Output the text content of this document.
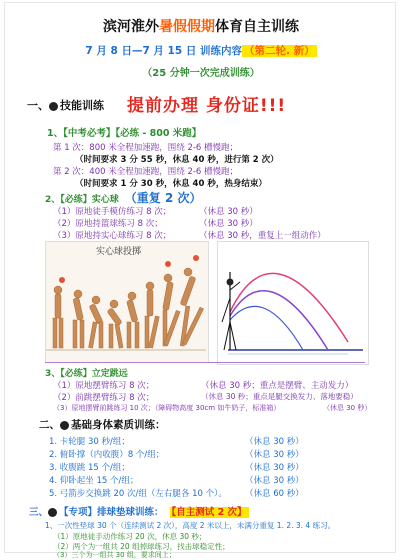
滨河淮外暑假假期体育自主训练
7 月 8 日—7 月 15 日 训练内容 （第二轮. 新）
（25 分钟一次完成训练）
一、 技能训练 提前办理 身份证!!!
1、【中考必考】【必练 - 800 米跑】
第 1 次：800 米全程加速跑，围绕 2-6 槽慢跑；
（时间要求 3 分 55 秒，休息 40 秒，进行第 2 次）
第 2 次：400 米全程加速跑，围绕 2-6 槽慢跑；
（时间要求 1 分 30 秒，休息 40 秒，热身结束）
2、【必练】实心球 （重复 2 次）
（1）原地徒手模仿练习 8 次；	（休息 30 秒）
（2）原地持篮球练习 8 次；	（休息 30 秒）
（3）原地持实心球练习 8 次；	（休息 30 秒，重复上一组动作）
实心球投掷
3、【必练】立定跳远
（1）原地摆臂练习 8 次；	（休息 30 秒；重点是摆臂、主动发力）
（2）前跳摆臂练习 8 次；	（休息 30 秒；重点是腿交换发力、落地要稳）
（3）原地摆臂前跳练习 10 次；（障碍物高度 30cm 如牛奶子，标准箱）	（休息 30 秒）
二、 基础身体素质训练：
1. 卡轮腿 30 秒/组；	（休息 30 秒）
2. 俯卧撑（内收腹）8 个/组；	（休息 30 秒）
3. 收腹跳 15 个/组；	（休息 30 秒）
4. 仰卧起坐 15 个/组；	（休息 30 秒）
5. 弓箭步交换跳 20 次/组（左右腿各 10 个）。 （休息 60 秒）
三、 【专项】排球垫球训练： 【自主测试 2 次】
1、一次性垫球 30 个（连续测试 2 次），高度 2 米以上，未满分重复 1. 2. 3. 4 练习。
（1）原地徒手动作练习 20 次，休息 30 秒；
（2）两个为一组共 20 组掉球练习，找击球稳定性；
（3）三个为一组共 30 组，要求间上；
